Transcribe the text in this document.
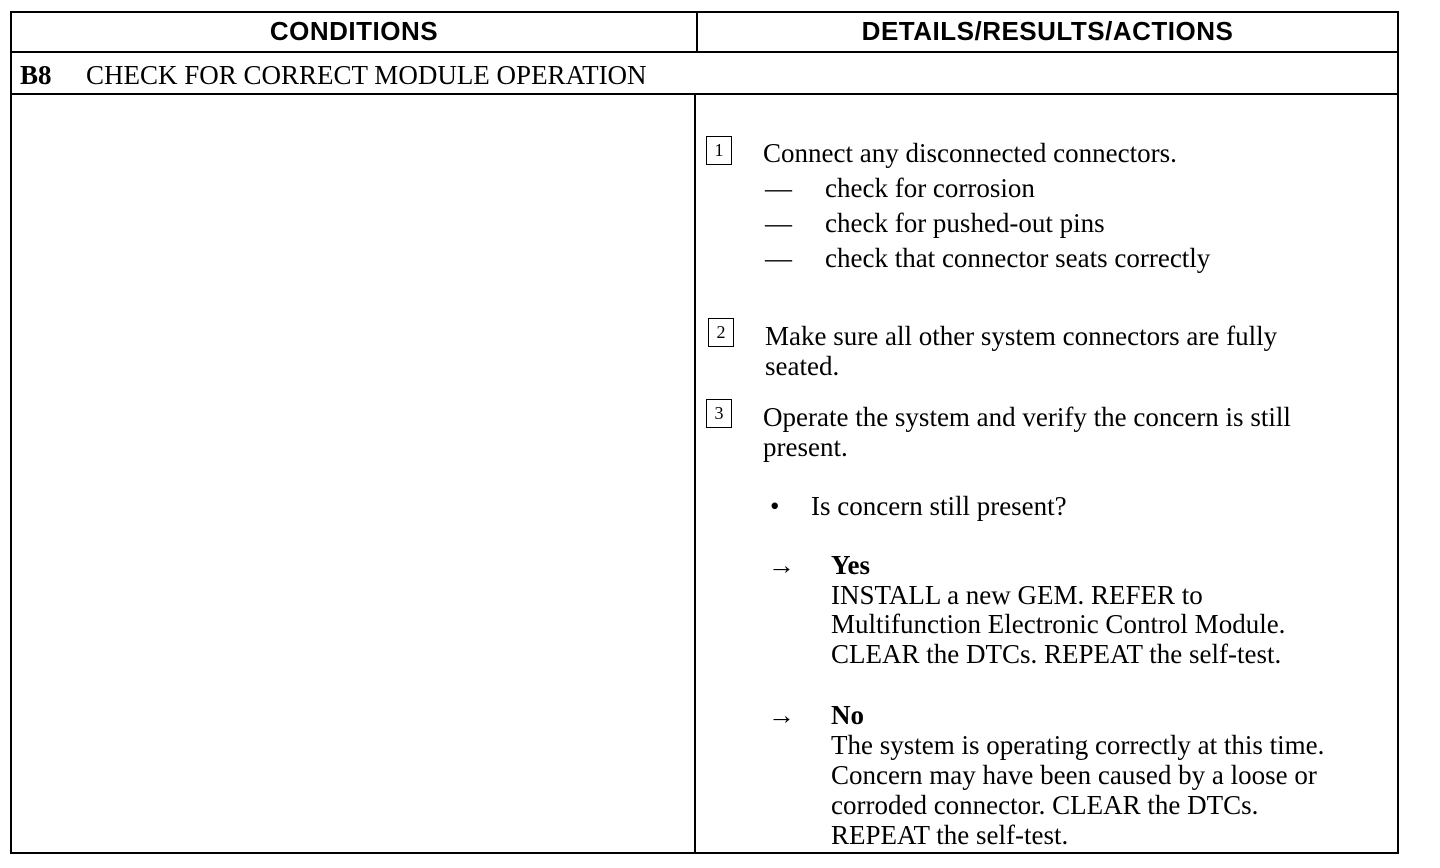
CONDITIONS	DETAILS/RESULTS/ACTIONS
B8 CHECK FOR CORRECT MODULE OPERATION
1	Connect any disconnected connectors.
— check for corrosion
— check for pushed-out pins
— check that connector seats correctly
2	Make sure all other system connectors are fully
seated.
3	Operate the system and verify the concern is still
present.
• Is concern still present?
→ Yes
INSTALL a new GEM. REFER to
Multifunction Electronic Control Module.
CLEAR the DTCs. REPEAT the self-test.
→ No
The system is operating correctly at this time.
Concern may have been caused by a loose or
corroded connector. CLEAR the DTCs.
REPEAT the self-test.
